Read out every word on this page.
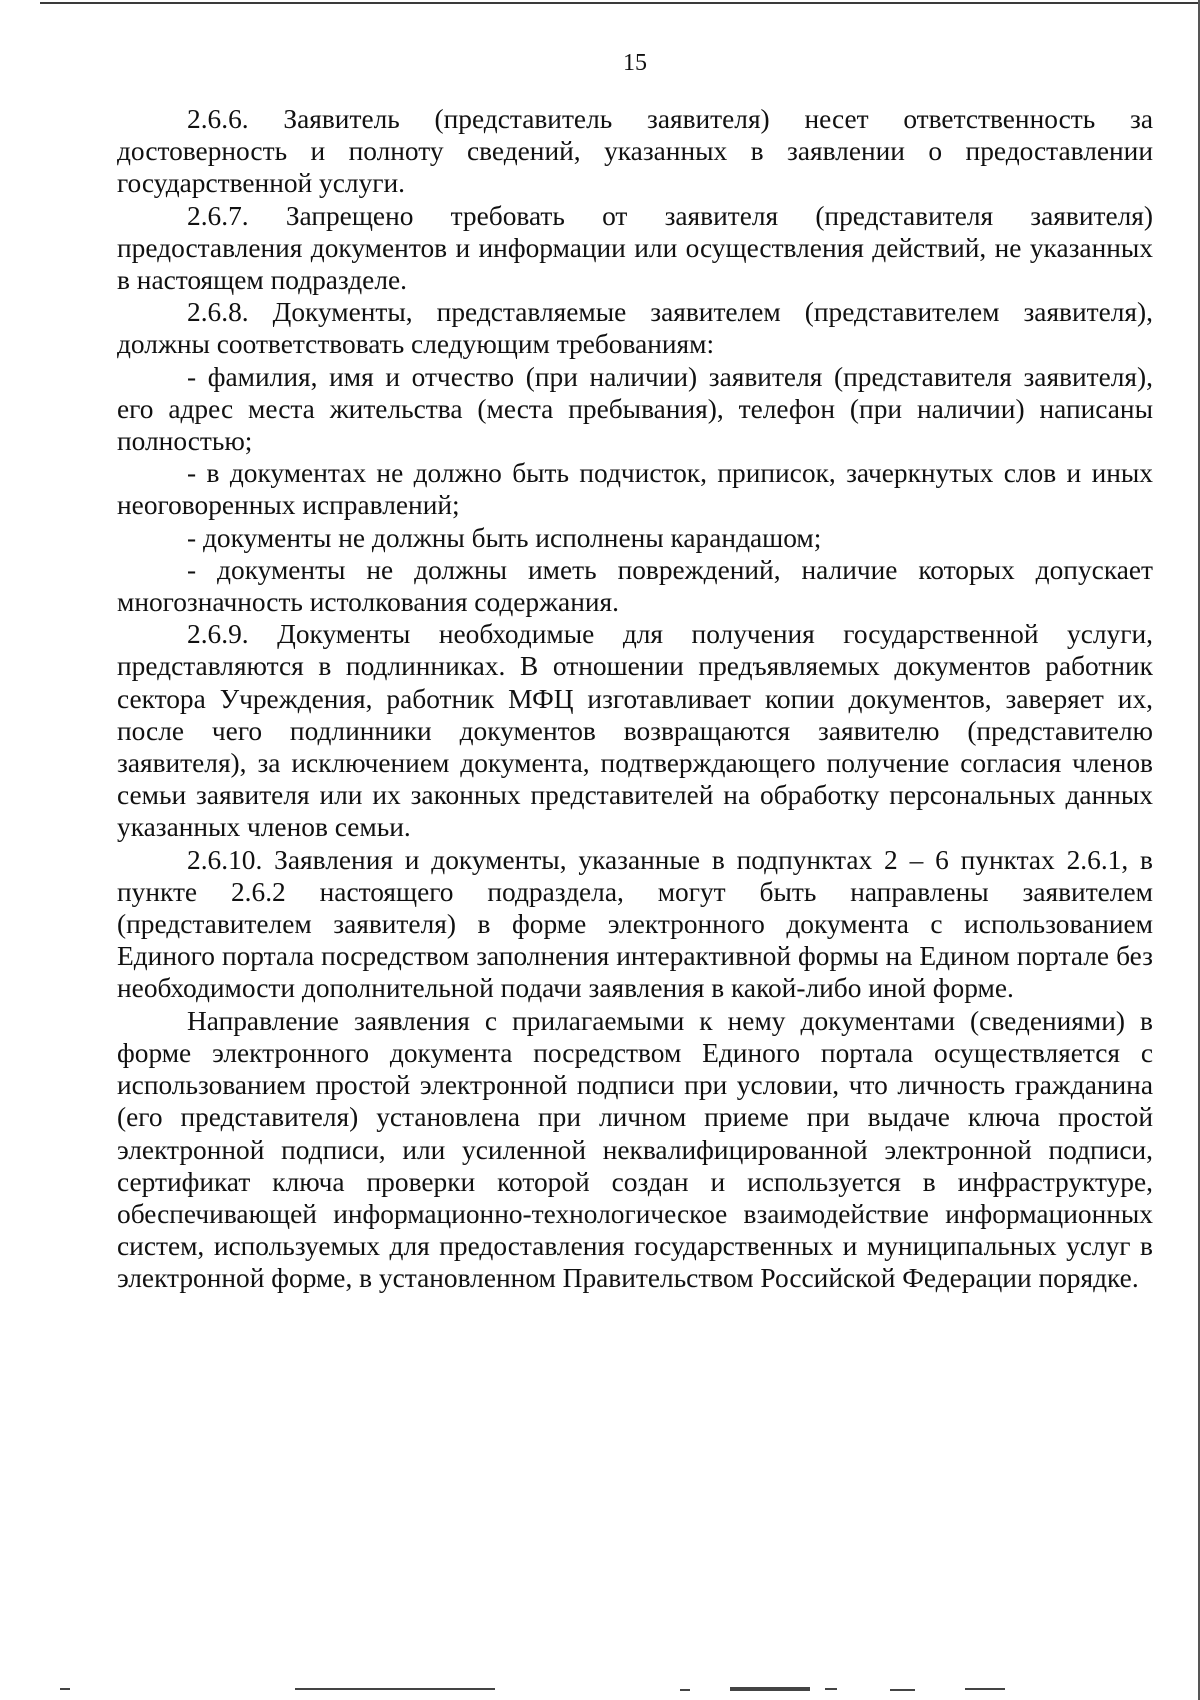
15

2.6.6. Заявитель (представитель заявителя) несет ответственность за достоверность и полноту сведений, указанных в заявлении о предоставлении государственной услуги.

2.6.7. Запрещено требовать от заявителя (представителя заявителя) предоставления документов и информации или осуществления действий, не указанных в настоящем подразделе.

2.6.8. Документы, представляемые заявителем (представителем заявителя), должны соответствовать следующим требованиям:

- фамилия, имя и отчество (при наличии) заявителя (представителя заявителя), его адрес места жительства (места пребывания), телефон (при наличии) написаны полностью;

- в документах не должно быть подчисток, приписок, зачеркнутых слов и иных неоговоренных исправлений;

- документы не должны быть исполнены карандашом;

- документы не должны иметь повреждений, наличие которых допускает многозначность истолкования содержания.

2.6.9. Документы необходимые для получения государственной услуги, представляются в подлинниках. В отношении предъявляемых документов работник сектора Учреждения, работник МФЦ изготавливает копии документов, заверяет их, после чего подлинники документов возвращаются заявителю (представителю заявителя), за исключением документа, подтверждающего получение согласия членов семьи заявителя или их законных представителей на обработку персональных данных указанных членов семьи.

2.6.10. Заявления и документы, указанные в подпунктах 2 – 6 пунктах 2.6.1, в пункте 2.6.2 настоящего подраздела, могут быть направлены заявителем (представителем заявителя) в форме электронного документа с использованием Единого портала посредством заполнения интерактивной формы на Едином портале без необходимости дополнительной подачи заявления в какой-либо иной форме.

Направление заявления с прилагаемыми к нему документами (сведениями) в форме электронного документа посредством Единого портала осуществляется с использованием простой электронной подписи при условии, что личность гражданина (его представителя) установлена при личном приеме при выдаче ключа простой электронной подписи, или усиленной неквалифицированной электронной подписи, сертификат ключа проверки которой создан и используется в инфраструктуре, обеспечивающей информационно-технологическое взаимодействие информационных систем, используемых для предоставления государственных и муниципальных услуг в электронной форме, в установленном Правительством Российской Федерации порядке.
